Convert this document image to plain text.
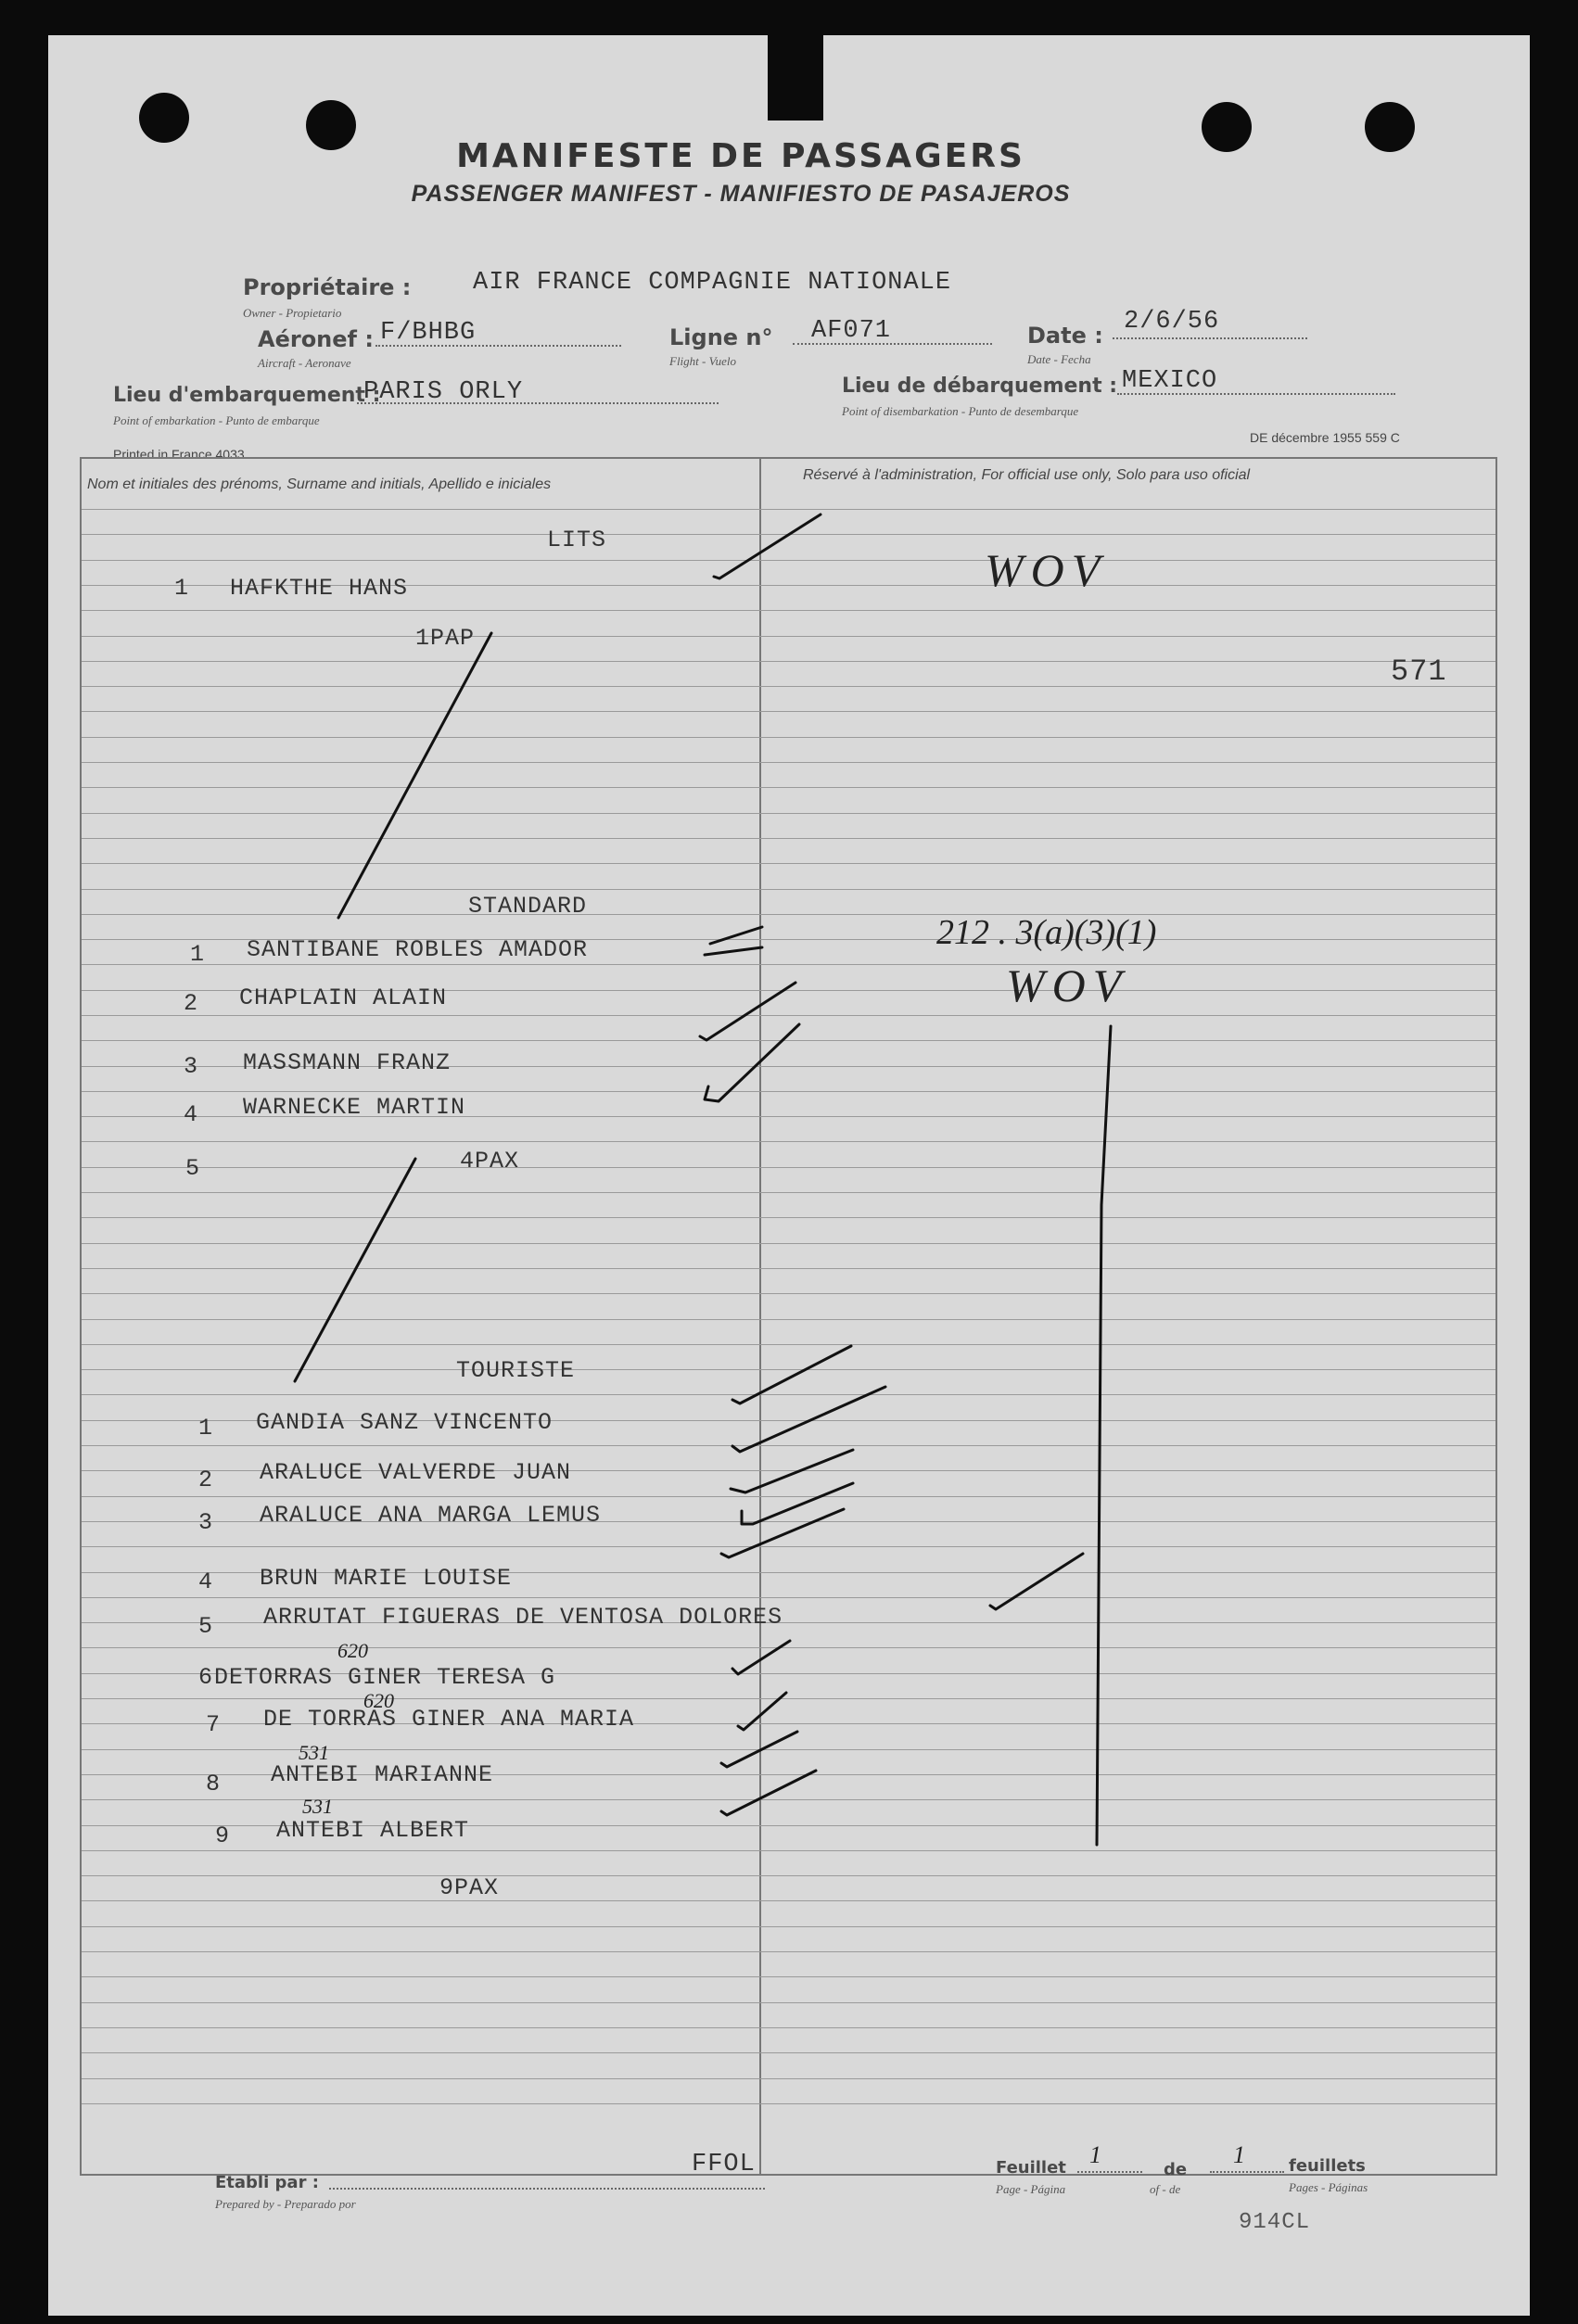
MANIFESTE DE PASSAGERS
PASSENGER MANIFEST - MANIFIESTO DE PASAJEROS
Propriétaire :
Owner - Propietario
AIR FRANCE COMPAGNIE NATIONALE
Aéronef :
Aircraft - Aeronave
F/BHBG	Ligne n°
Flight - Vuelo
AF071	Date :
Date - Fecha
2/6/56
Lieu d'embarquement :
Point of embarkation - Punto de embarque
PARIS ORLY	Lieu de débarquement :
Point of disembarkation - Punto de desembarque
MEXICO
Printed in France 4033
DE décembre 1955 559 C
Nom et initiales des prénoms, Surname and initials, Apellido e iniciales
Réservé à l'administration, For official use only, Solo para uso oficial
LITS
1 HAFKTHE HANS
1PAP
571
STANDARD
1 SANTIBANE ROBLES AMADOR
2 CHAPLAIN ALAIN
3 MASSMANN FRANZ
4 WARNECKE MARTIN
5	4PAX
TOURISTE
1 GANDIA SANZ VINCENTO
2 ARALUCE VALVERDE JUAN
3 ARALUCE ANA MARGA LEMUS
4 BRUN MARIE LOUISE
5 ARRUTAT FIGUERAS DE VENTOSA DOLORES
6 DETORRAS GINER TERESA G
7 DE TORRAS GINER ANA MARIA
8 ANTEBI MARIANNE
9 ANTEBI ALBERT
9PAX
WOV
212 . 3(a)(3)(1)
WOV
620
620
531
531
Etabli par :
Prepared by - Preparado por
FFOL	Feuillet 1
de
1	feuillets
Page - Página	of - de	Pages - Páginas
914CL
